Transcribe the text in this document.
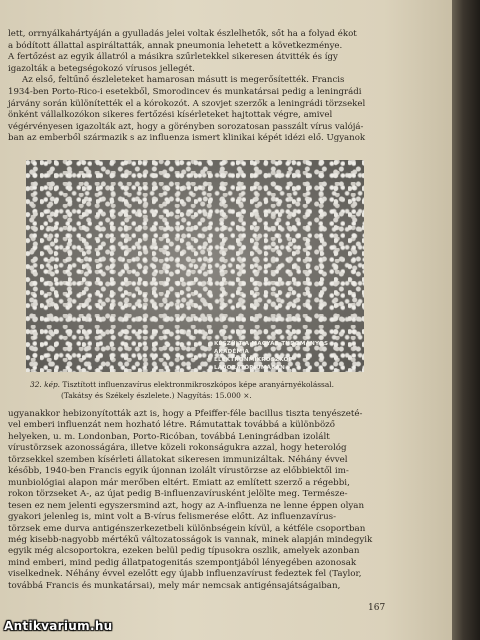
lett, orrnyálkahártyáján a gyulladás jelei voltak észlelhetők, sőt ha a folyad ékot

a bódított állattal aspiráltatták, annak pneumonia lehetett a következménye.

A fertőzést az egyik állatról a másikra szűrletekkel sikeresen átvitték és így

igazolták a betegségokozó vírusos jellegét.

Az első, feltűnő észleleteket hamarosan másutt is megerősítették. Francis

1934-ben Porto-Rico-i esetekből, Smorodincev és munkatársai pedig a leningrádi

járvány során különítették el a kórokozót. A szovjet szerzők a leningrádi törzsekel

önként vállalkozókon sikeres fertőzési kísérleteket hajtottak végre, amivel

végérvényesen igazolták azt, hogy a görényben sorozatosan passzált vírus valójá-

ban az emberből származik s az influenza ismert klinikai képét idézi elő. Ugyanok

KÉSZÜLT A MAGYAR TUDOMÁNYOS AKADÉMIA
ELEKTRONMIKROSZKÓP LABORATÓRIUMÁBAN
32. kép. Tisztított influenzavírus elektronmikroszkópos képe aranyárnyékolással.
(Takátsy és Székely észlelete.) Nagyítás: 15.000 ×.

ugyanakkor hebizonyították azt is, hogy a Pfeiffer-féle bacillus tiszta tenyészeté-

vel emberi influenzát nem hozható létre. Rámutattak továbbá a különböző

helyeken, u. m. Londonban, Porto-Ricóban, továbbá Leningrádban izolált

vírustörzsek azonosságára, illetve közeli rokonságukra azzal, hogy heterológ

törzsekkel szemben kísérleti állatokat sikeresen immunizáltak. Néhány évvel

később, 1940-ben Francis egyik újonnan izolált vírustörzse az előbbiektől im-

munbiológiai alapon már merőben eltért. Emiatt az említett szerző a régebbi,

rokon törzseket A-, az újat pedig B-influenzavírusként jelölte meg. Természe-

tesen ez nem jelenti egyszersmind azt, hogy az A-influenza ne lenne éppen olyan

gyakori jelenleg is, mint volt a B-vírus felismerése előtt. Az influenzavírus-

törzsek eme durva antigénszerkezetbeli különbségein kívül, a kétféle csoportban

még kisebb-nagyobb mértékű változatosságok is vannak, minek alapján mindegyik

egyik még alcsoportokra, ezeken belül pedig típusokra oszlik, amelyek azonban

mind emberi, mind pedig állatpatogenitás szempontjából lényegében azonosak

viselkednek. Néhány évvel ezelőtt egy újabb influenzavírust fedeztek fel (Taylor,

továbbá Francis és munkatársai), mely már nemcsak antigénsajátságaiban,

167
Antikvarium.hu
